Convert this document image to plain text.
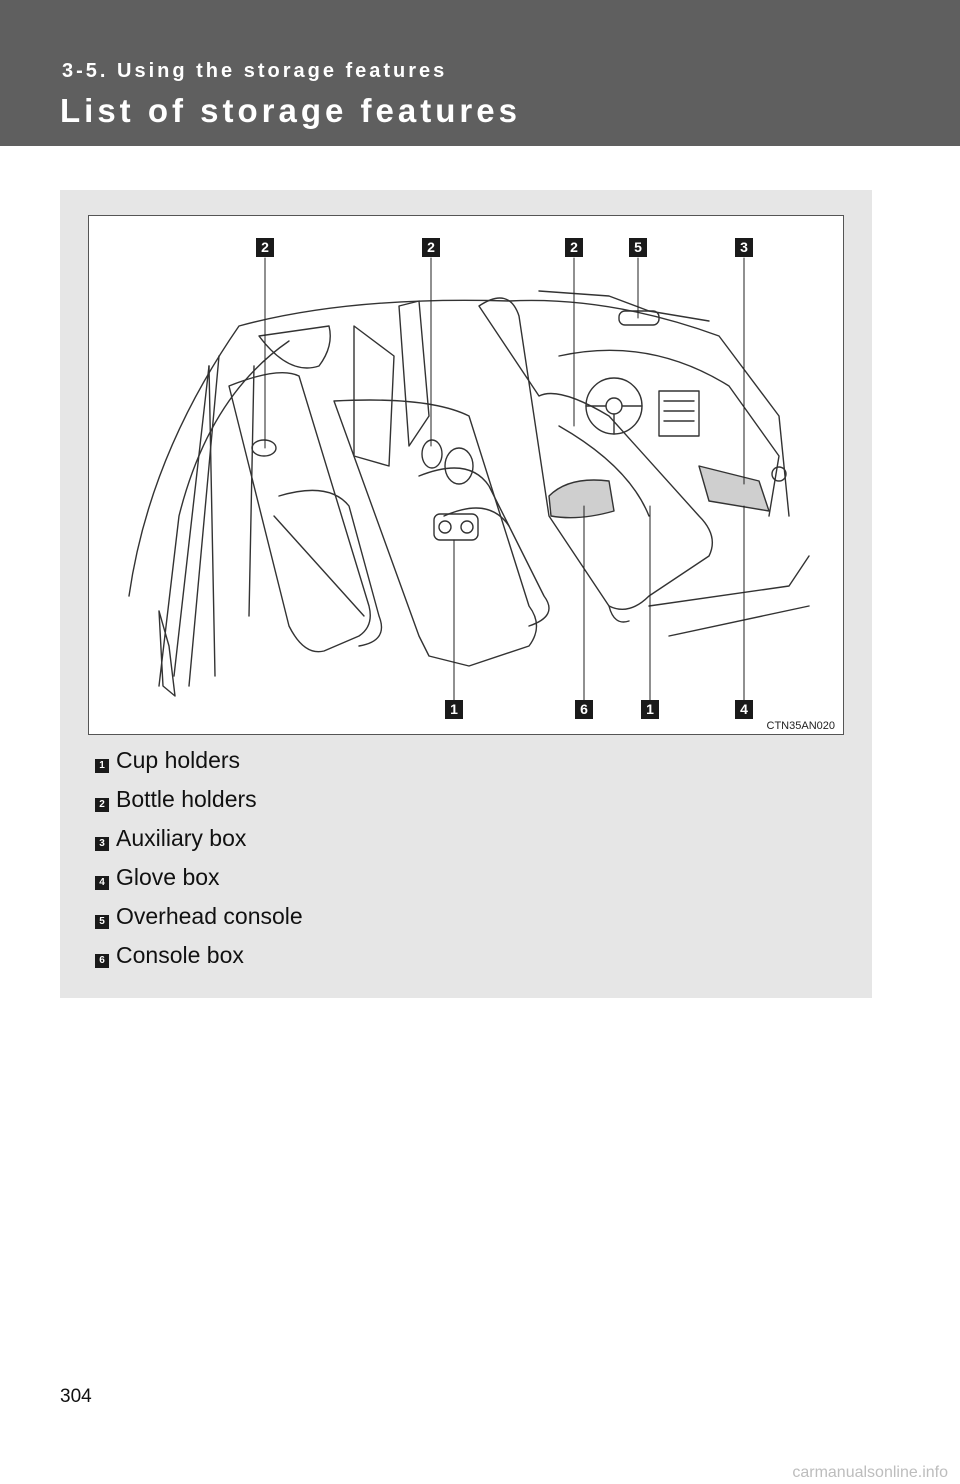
3-5. Using the storage features
List of storage features
2	2	2	5	3
1	6	1	4
CTN35AN020
1 Cup holders
2 Bottle holders
3 Auxiliary box
4 Glove box
5 Overhead console
6 Console box
304
carmanualsonline.info
